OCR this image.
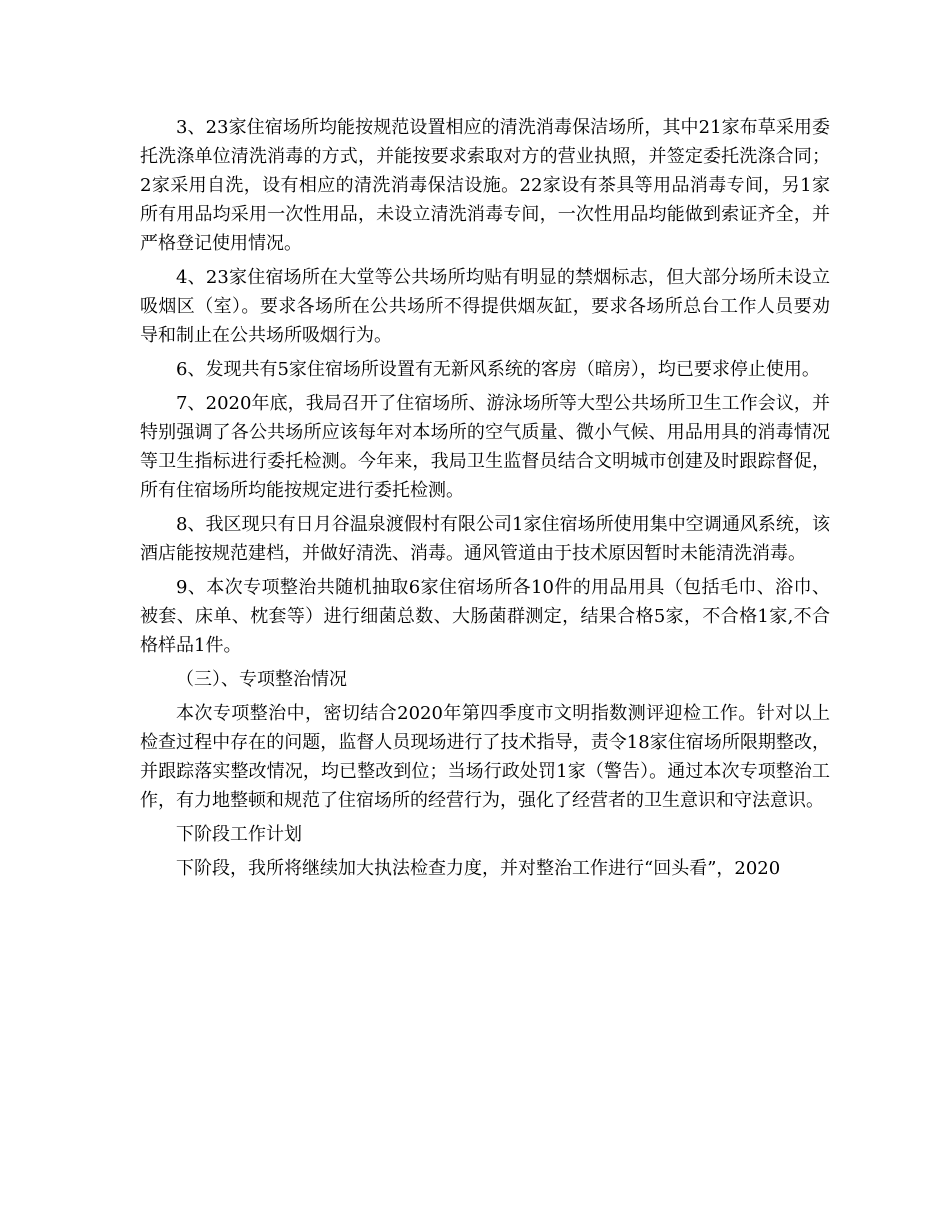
3、23家住宿场所均能按规范设置相应的清洗消毒保洁场所，其中21家布草采用委托洗涤单位清洗消毒的方式，并能按要求索取对方的营业执照，并签定委托洗涤合同；2家采用自洗，设有相应的清洗消毒保洁设施。22家设有茶具等用品消毒专间，另1家所有用品均采用一次性用品，未设立清洗消毒专间，一次性用品均能做到索证齐全，并严格登记使用情况。

4、23家住宿场所在大堂等公共场所均贴有明显的禁烟标志，但大部分场所未设立吸烟区（室）。要求各场所在公共场所不得提供烟灰缸，要求各场所总台工作人员要劝导和制止在公共场所吸烟行为。

6、发现共有5家住宿场所设置有无新风系统的客房（暗房），均已要求停止使用。

7、2020年底，我局召开了住宿场所、游泳场所等大型公共场所卫生工作会议，并特别强调了各公共场所应该每年对本场所的空气质量、微小气候、用品用具的消毒情况等卫生指标进行委托检测。今年来，我局卫生监督员结合文明城市创建及时跟踪督促，所有住宿场所均能按规定进行委托检测。

8、我区现只有日月谷温泉渡假村有限公司1家住宿场所使用集中空调通风系统，该酒店能按规范建档，并做好清洗、消毒。通风管道由于技术原因暂时未能清洗消毒。

9、本次专项整治共随机抽取6家住宿场所各10件的用品用具（包括毛巾、浴巾、被套、床单、枕套等）进行细菌总数、大肠菌群测定，结果合格5家，不合格1家,不合格样品1件。

（三）、专项整治情况

本次专项整治中，密切结合2020年第四季度市文明指数测评迎检工作。针对以上检查过程中存在的问题，监督人员现场进行了技术指导，责令18家住宿场所限期整改，并跟踪落实整改情况，均已整改到位；当场行政处罚1家（警告）。通过本次专项整治工作，有力地整顿和规范了住宿场所的经营行为，强化了经营者的卫生意识和守法意识。

下阶段工作计划

下阶段，我所将继续加大执法检查力度，并对整治工作进行“回头看”，2020
